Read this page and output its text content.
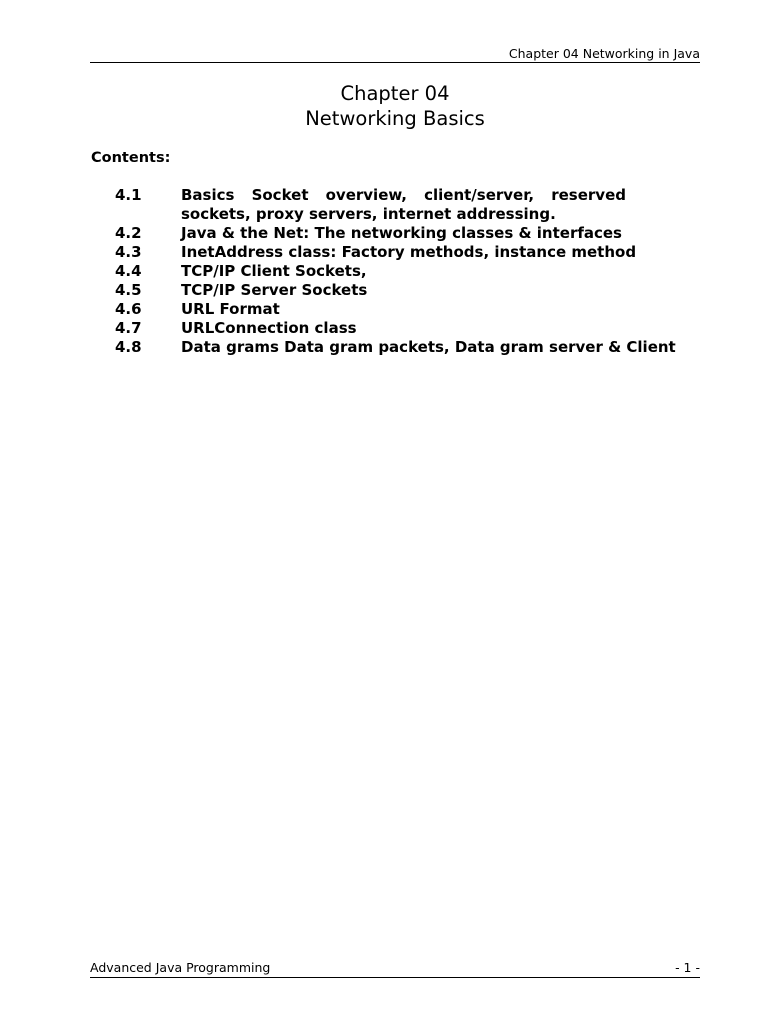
Chapter 04 Networking in Java
Chapter 04
Networking Basics
Contents:
4.1	Basics Socket overview, client/server, reserved sockets, proxy servers, internet addressing.
4.2	Java & the Net: The networking classes & interfaces
4.3	InetAddress class: Factory methods, instance method
4.4	TCP/IP Client Sockets,
4.5	TCP/IP Server Sockets
4.6	URL Format
4.7	URLConnection class
4.8	Data grams Data gram packets, Data gram server & Client
Advanced Java Programming	- 1 -
